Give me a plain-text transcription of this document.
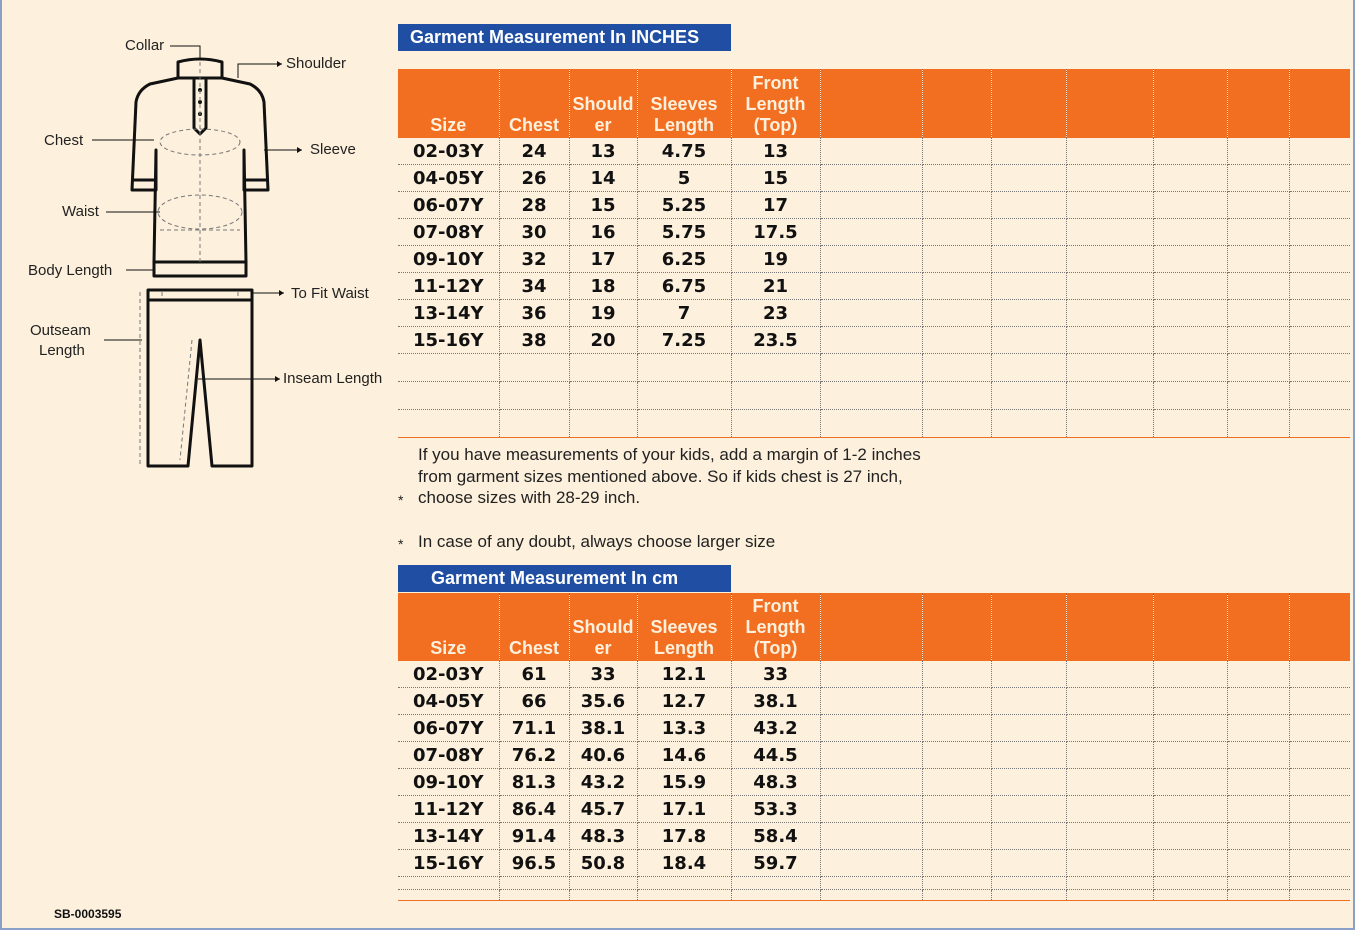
Collar
Shoulder
Chest
Sleeve
Waist
Body Length
To Fit Waist
Outseam
Length
Inseam Length
Garment Measurement In INCHES
Size	Chest	Should er	Sleeves Length	Front Length (Top)							

02-03Y	24	13	4.75	13							
04-05Y	26	14	5	15							
06-07Y	28	15	5.25	17							
07-08Y	30	16	5.75	17.5							
09-10Y	32	17	6.25	19							
11-12Y	34	18	6.75	21							
13-14Y	36	19	7	23							
15-16Y	38	20	7.25	23.5							

*
If you have measurements of your kids, add a margin of 1-2 inches from garment sizes mentioned above. So if kids chest is 27 inch, choose sizes with 28-29 inch.
* In case of any doubt, always choose larger size
Garment Measurement In cm
Size	Chest	Should er	Sleeves Length	Front Length (Top)							

02-03Y	61	33	12.1	33							
04-05Y	66	35.6	12.7	38.1							
06-07Y	71.1	38.1	13.3	43.2							
07-08Y	76.2	40.6	14.6	44.5							
09-10Y	81.3	43.2	15.9	48.3							
11-12Y	86.4	45.7	17.1	53.3							
13-14Y	91.4	48.3	17.8	58.4							
15-16Y	96.5	50.8	18.4	59.7							

SB-0003595
